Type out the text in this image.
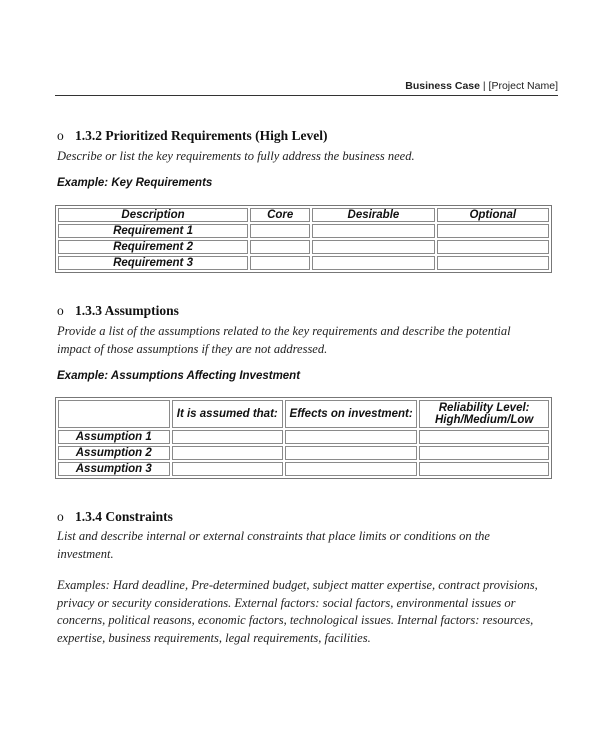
Business Case | [Project Name]
o 1.3.2 Prioritized Requirements (High Level)
Describe or list the key requirements to fully address the business need.
Example: Key Requirements
Description	Core	Desirable	Optional
Requirement 1			
Requirement 2			
Requirement 3			
o 1.3.3 Assumptions
Provide a list of the assumptions related to the key requirements and describe the potential
impact of those assumptions if they are not addressed.
Example: Assumptions Affecting Investment
	It is assumed that:	Effects on investment:	Reliability Level:
High/Medium/Low

Assumption 1			
Assumption 2			
Assumption 3			
o 1.3.4 Constraints
List and describe internal or external constraints that place limits or conditions on the
investment.
Examples: Hard deadline, Pre-determined budget, subject matter expertise, contract provisions,
privacy or security considerations. External factors: social factors, environmental issues or
concerns, political reasons, economic factors, technological issues. Internal factors: resources,
expertise, business requirements, legal requirements, facilities.
